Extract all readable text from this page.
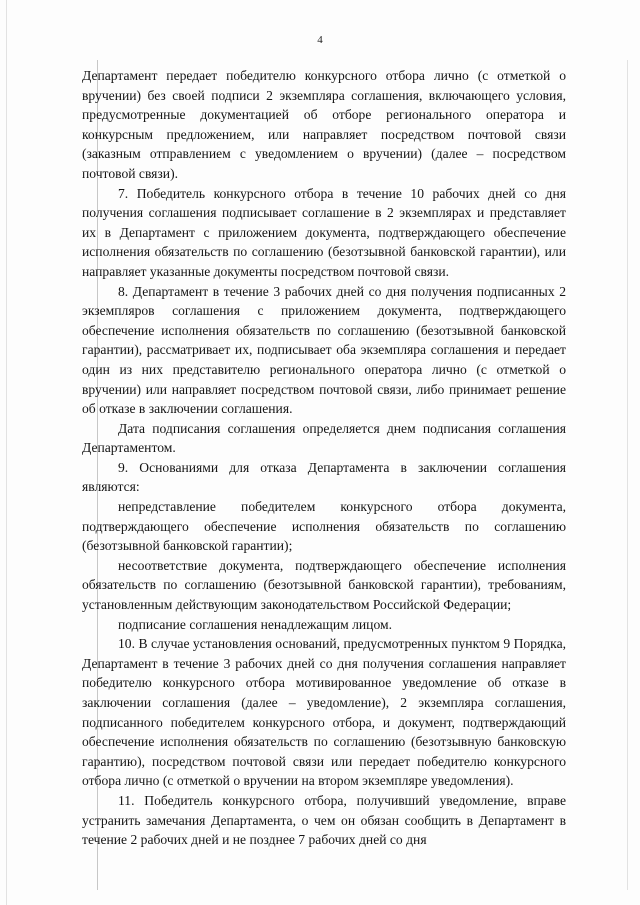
4

Департамент передает победителю конкурсного отбора лично (с отметкой о вручении) без своей подписи 2 экземпляра соглашения, включающего условия, предусмотренные документацией об отборе регионального оператора и конкурсным предложением, или направляет посредством почтовой связи (заказным отправлением с уведомлением о вручении) (далее – посредством почтовой связи).

7. Победитель конкурсного отбора в течение 10 рабочих дней со дня получения соглашения подписывает соглашение в 2 экземплярах и представляет их в Департамент с приложением документа, подтверждающего обеспечение исполнения обязательств по соглашению (безотзывной банковской гарантии), или направляет указанные документы посредством почтовой связи.

8. Департамент в течение 3 рабочих дней со дня получения подписанных 2 экземпляров соглашения с приложением документа, подтверждающего обеспечение исполнения обязательств по соглашению (безотзывной банковской гарантии), рассматривает их, подписывает оба экземпляра соглашения и передает один из них представителю регионального оператора лично (с отметкой о вручении) или направляет посредством почтовой связи, либо принимает решение об отказе в заключении соглашения.

Дата подписания соглашения определяется днем подписания соглашения Департаментом.

9. Основаниями для отказа Департамента в заключении соглашения являются:

непредставление победителем конкурсного отбора документа, подтверждающего обеспечение исполнения обязательств по соглашению (безотзывной банковской гарантии);

несоответствие документа, подтверждающего обеспечение исполнения обязательств по соглашению (безотзывной банковской гарантии), требованиям, установленным действующим законодательством Российской Федерации;

подписание соглашения ненадлежащим лицом.

10. В случае установления оснований, предусмотренных пунктом 9 Порядка, Департамент в течение 3 рабочих дней со дня получения соглашения направляет победителю конкурсного отбора мотивированное уведомление об отказе в заключении соглашения (далее – уведомление), 2 экземпляра соглашения, подписанного победителем конкурсного отбора, и документ, подтверждающий обеспечение исполнения обязательств по соглашению (безотзывную банковскую гарантию), посредством почтовой связи или передает победителю конкурсного отбора лично (с отметкой о вручении на втором экземпляре уведомления).

11. Победитель конкурсного отбора, получивший уведомление, вправе устранить замечания Департамента, о чем он обязан сообщить в Департамент в течение 2 рабочих дней и не позднее 7 рабочих дней со дня
